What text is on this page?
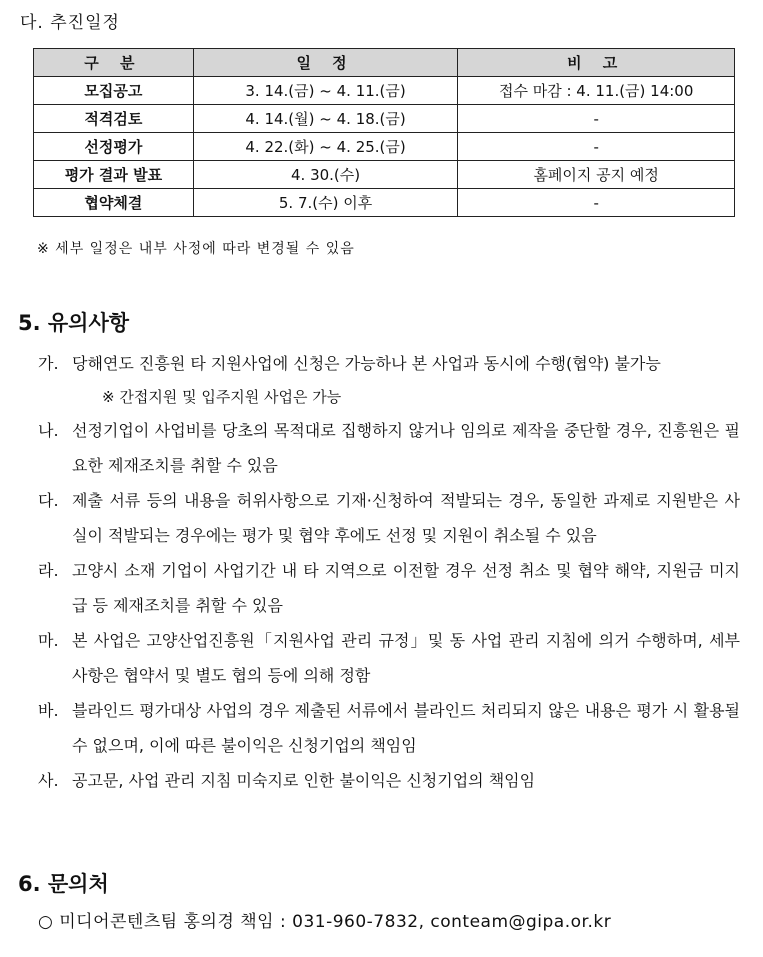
다. 추진일정
구 분	일 정	비 고
모집공고	3. 14.(금) ~ 4. 11.(금)	접수 마감 : 4. 11.(금) 14:00
적격검토	4. 14.(월) ~ 4. 18.(금)	-
선정평가	4. 22.(화) ~ 4. 25.(금)	-
평가 결과 발표	4. 30.(수)	홈페이지 공지 예정
협약체결	5. 7.(수) 이후	-
※ 세부 일정은 내부 사정에 따라 변경될 수 있음
5. 유의사항
가. 당해연도 진흥원 타 지원사업에 신청은 가능하나 본 사업과 동시에 수행(협약) 불가능
※ 간접지원 및 입주지원 사업은 가능
나. 선정기업이 사업비를 당초의 목적대로 집행하지 않거나 임의로 제작을 중단할 경우, 진흥원은 필요한 제재조치를 취할 수 있음
다. 제출 서류 등의 내용을 허위사항으로 기재·신청하여 적발되는 경우, 동일한 과제로 지원받은 사실이 적발되는 경우에는 평가 및 협약 후에도 선정 및 지원이 취소될 수 있음
라. 고양시 소재 기업이 사업기간 내 타 지역으로 이전할 경우 선정 취소 및 협약 해약, 지원금 미지급 등 제재조치를 취할 수 있음
마. 본 사업은 고양산업진흥원「지원사업 관리 규정」및 동 사업 관리 지침에 의거 수행하며, 세부 사항은 협약서 및 별도 협의 등에 의해 정함
바. 블라인드 평가대상 사업의 경우 제출된 서류에서 블라인드 처리되지 않은 내용은 평가 시 활용될 수 없으며, 이에 따른 불이익은 신청기업의 책임임
사. 공고문, 사업 관리 지침 미숙지로 인한 불이익은 신청기업의 책임임
6. 문의처
○ 미디어콘텐츠팀 홍의경 책임 : 031-960-7832, conteam@gipa.or.kr
